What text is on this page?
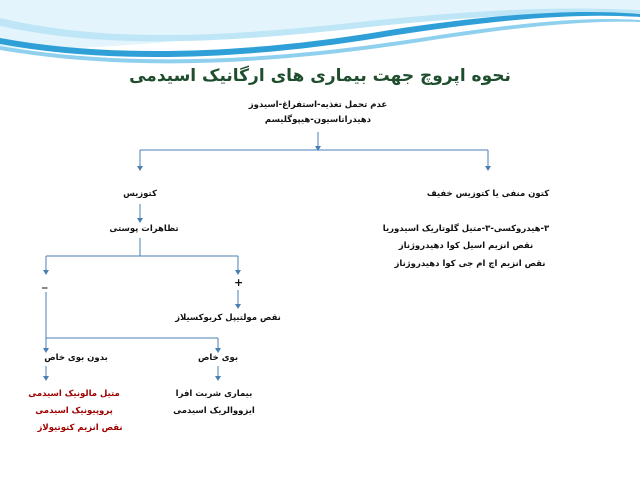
نحوه اپروچ جهت بیماری های ارگانیک اسیدمی
عدم تحمل تغذیه-استفراغ-اسیدوز
دهیدراتاسیون-هیپوگلیسم
کتوزیس	کتون منفی یا کتوزیس خفیف
۳-هیدروکسی-۳-متیل گلوتاریک اسیدوریا
نقص انزیم اسیل کوا دهیدروژناز
نقص انزیم اچ ام جی کوا دهیدروژناز
تظاهرات پوستی
_	+
نقص مولتیپل کربوکسیلاز
بوی خاص
بدون بوی خاص
بیماری شربت افرا
ایزووالریک اسیدمی
متیل مالونیک اسیدمی
پروپیونیک اسیدمی
نقص انزیم کتوتیولاز
